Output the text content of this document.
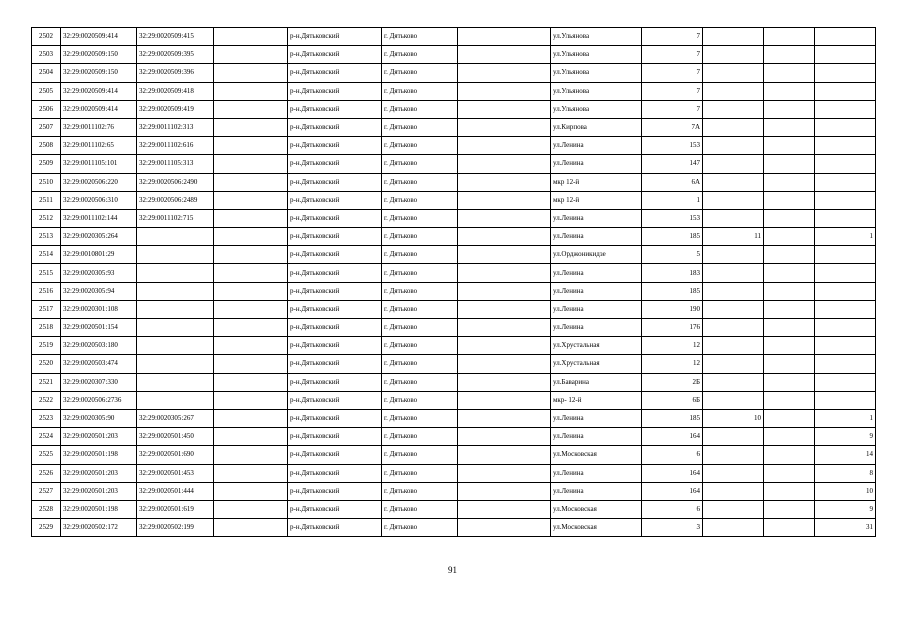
2502	32:29:0020509:414	32:29:0020509:415		р-н.Дятьковский	г. Дятьково		ул.Ульянова	7			
2503	32:29:0020509:150	32:29:0020509:395		р-н.Дятьковский	г. Дятьково		ул.Ульянова	7			
2504	32:29:0020509:150	32:29:0020509:396		р-н.Дятьковский	г. Дятьково		ул.Ульянова	7			
2505	32:29:0020509:414	32:29:0020509:418		р-н.Дятьковский	г. Дятьково		ул.Ульянова	7			
2506	32:29:0020509:414	32:29:0020509:419		р-н.Дятьковский	г. Дятьково		ул.Ульянова	7			
2507	32:29:0011102:76	32:29:0011102:313		р-н.Дятьковский	г. Дятьково		ул.Кирпова	7А			
2508	32:29:0011102:65	32:29:0011102:616		р-н.Дятьковский	г. Дятьково		ул.Ленина	153			
2509	32:29:0011105:101	32:29:0011105:313		р-н.Дятьковский	г. Дятьково		ул.Ленина	147			
2510	32:29:0020506:220	32:29:0020506:2490		р-н.Дятьковский	г. Дятьково		мкр 12-й	6А			
2511	32:29:0020506:310	32:29:0020506:2489		р-н.Дятьковский	г. Дятьково		мкр 12-й	1			
2512	32:29:0011102:144	32:29:0011102:715		р-н.Дятьковский	г. Дятьково		ул.Ленина	153			
2513	32:29:0020305:264			р-н.Дятьковский	г. Дятьково		ул.Ленина	185	11		1
2514	32:29:0010801:29			р-н.Дятьковский	г. Дятьково		ул.Орджоникидзе	5			
2515	32:29:0020305:93			р-н.Дятьковский	г. Дятьково		ул.Ленина	183			
2516	32:29:0020305:94			р-н.Дятьковский	г. Дятьково		ул.Ленина	185			
2517	32:29:0020301:108			р-н.Дятьковский	г. Дятьково		ул.Ленина	190			
2518	32:29:0020501:154			р-н.Дятьковский	г. Дятьково		ул.Ленина	176			
2519	32:29:0020503:180			р-н.Дятьковский	г. Дятьково		ул.Хрустальная	12			
2520	32:29:0020503:474			р-н.Дятьковский	г. Дятьково		ул.Хрустальная	12			
2521	32:29:0020307:330			р-н.Дятьковский	г. Дятьково		ул.Баварина	2Б			
2522	32:29:0020506:2736			р-н.Дятьковский	г. Дятьково		мкр- 12-й	6Б			
2523	32:29:0020305:90	32:29:0020305:267		р-н.Дятьковский	г. Дятьково		ул.Ленина	185	10		1
2524	32:29:0020501:203	32:29:0020501:450		р-н.Дятьковский	г. Дятьково		ул.Ленина	164			9
2525	32:29:0020501:198	32:29:0020501:690		р-н.Дятьковский	г. Дятьково		ул.Московская	6			14
2526	32:29:0020501:203	32:29:0020501:453		р-н.Дятьковский	г. Дятьково		ул.Ленина	164			8
2527	32:29:0020501:203	32:29:0020501:444		р-н.Дятьковский	г. Дятьково		ул.Ленина	164			10
2528	32:29:0020501:198	32:29:0020501:619		р-н.Дятьковский	г. Дятьково		ул.Московская	6			9
2529	32:29:0020502:172	32:29:0020502:199		р-н.Дятьковский	г. Дятьково		ул.Московская	3			31
91
